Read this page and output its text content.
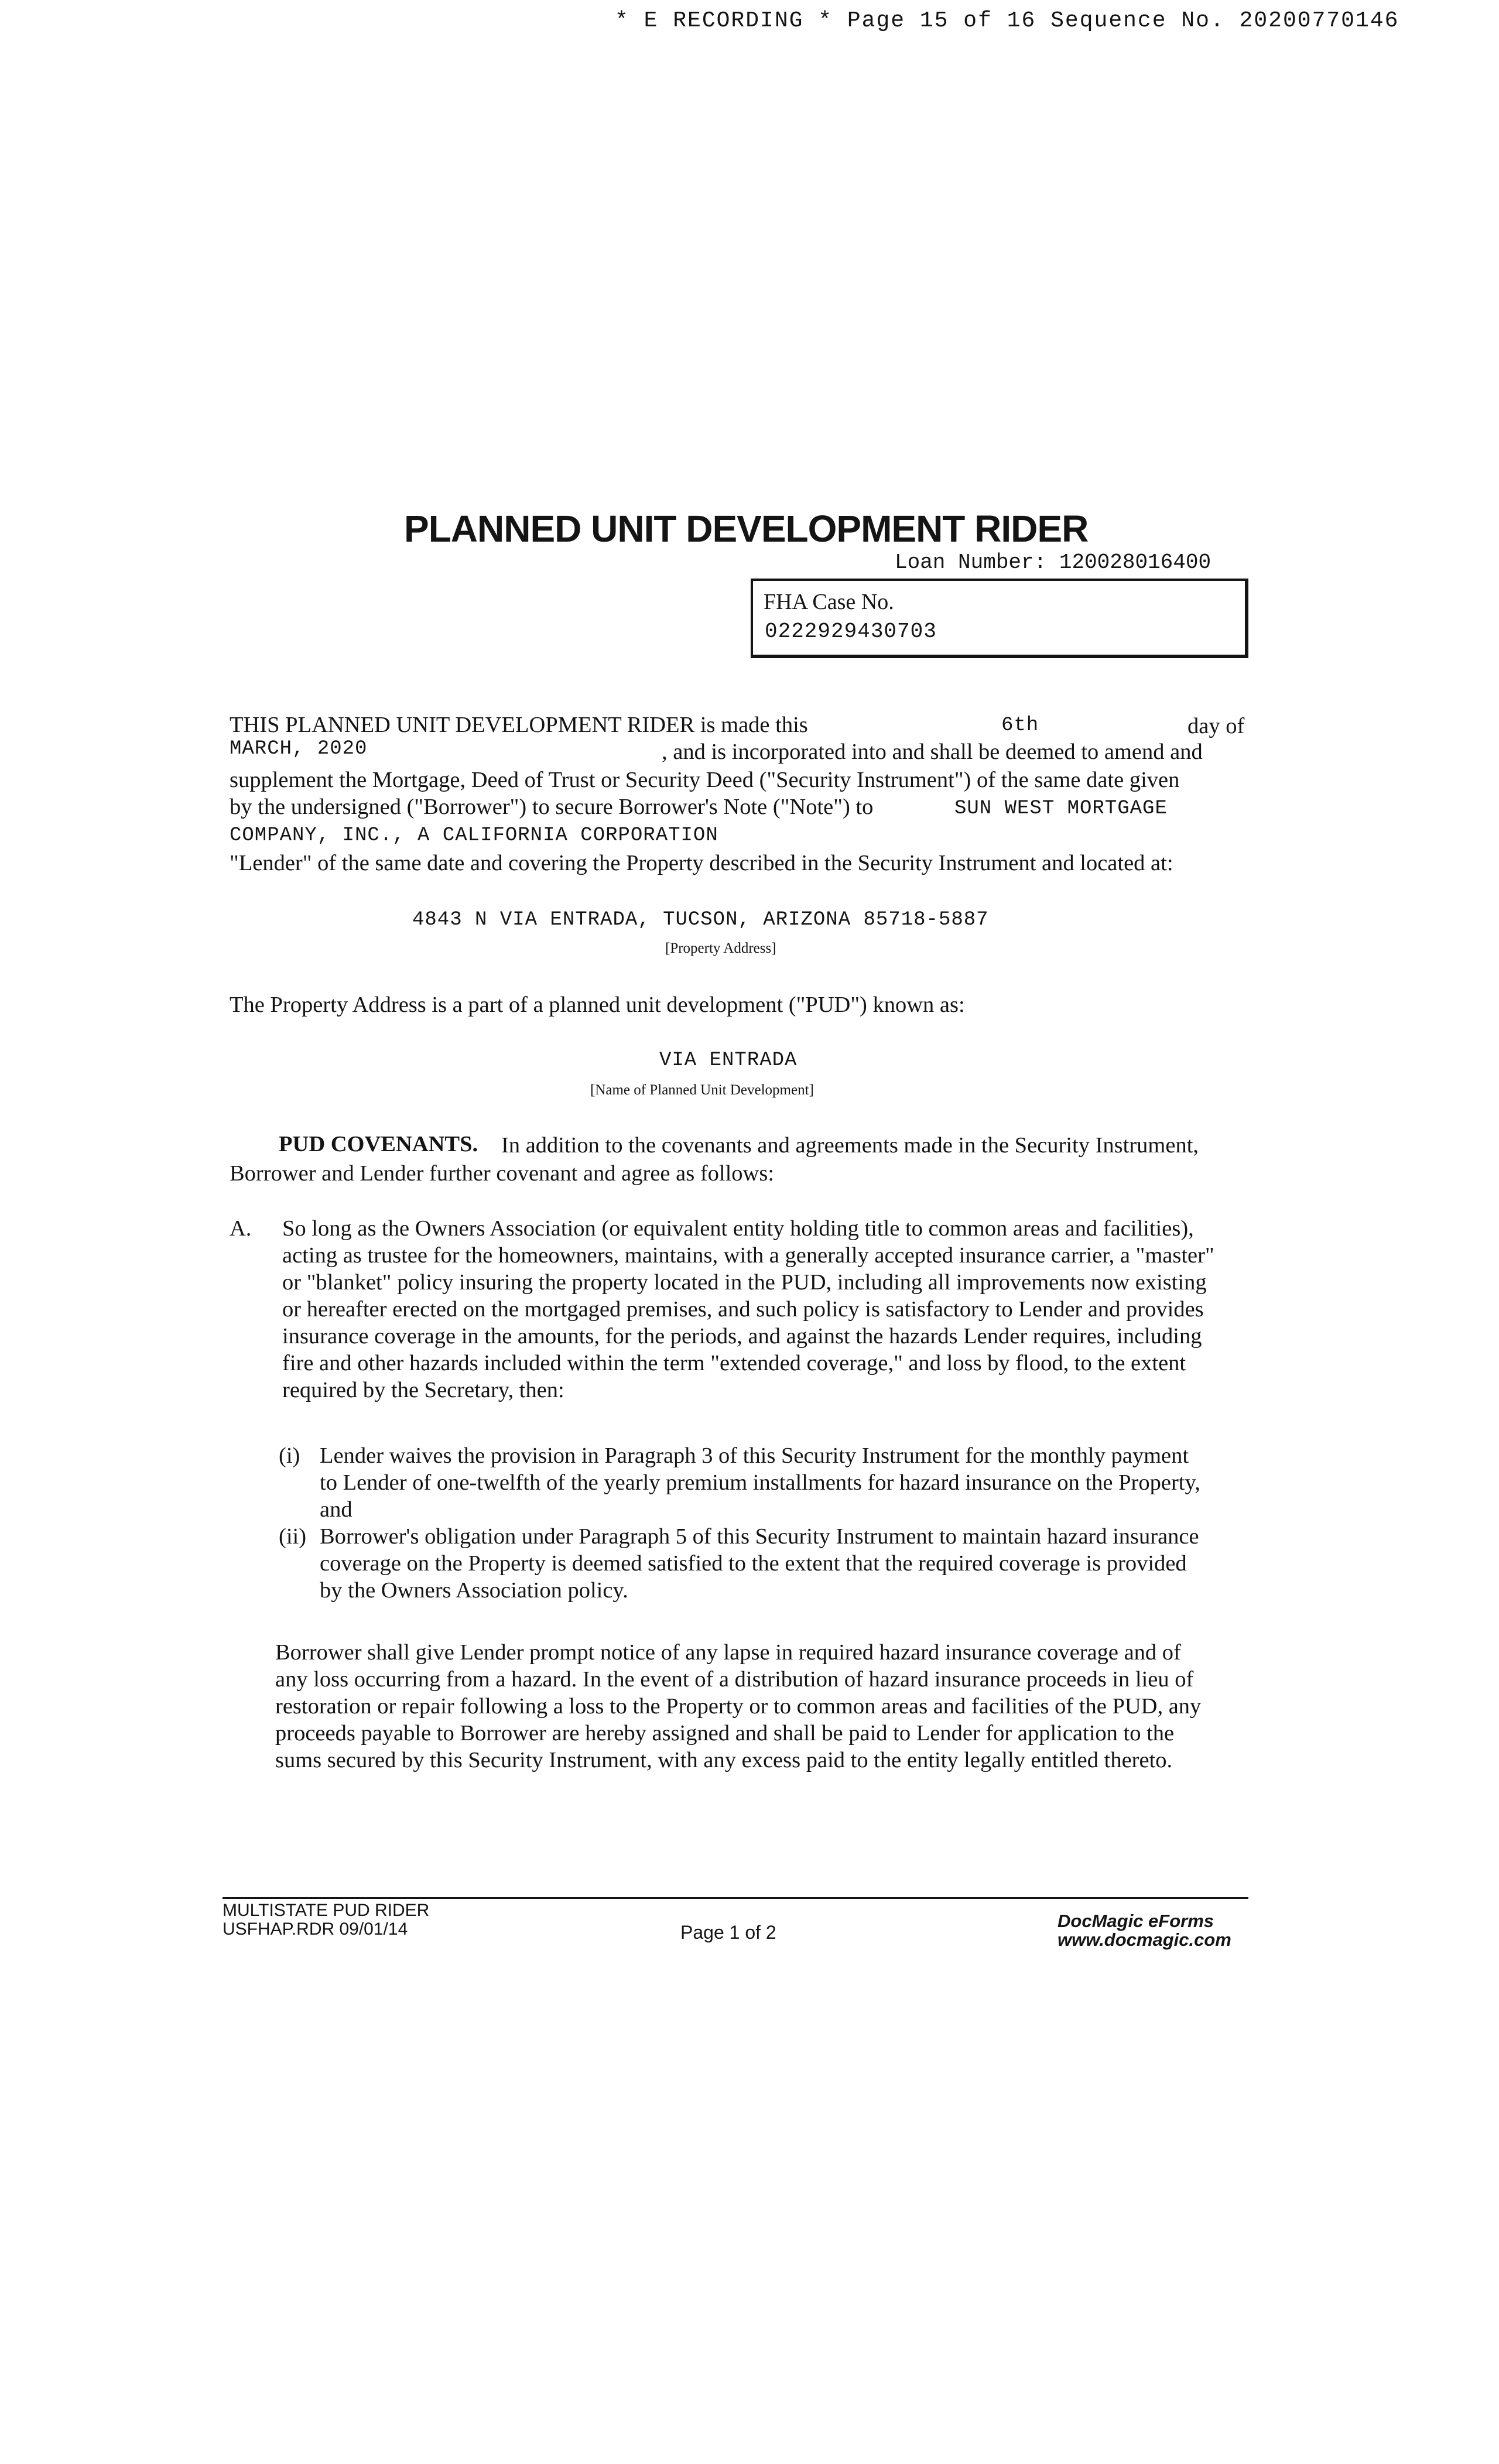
* E RECORDING * Page 15 of 16 Sequence No. 20200770146
PLANNED UNIT DEVELOPMENT RIDER
Loan Number: 120028016400
FHA Case No.
0222929430703
THIS PLANNED UNIT DEVELOPMENT RIDER is made this	6th	day of
MARCH, 2020	, and is incorporated into and shall be deemed to amend and
supplement the Mortgage, Deed of Trust or Security Deed ("Security Instrument") of the same date given
by the undersigned ("Borrower") to secure Borrower's Note ("Note") to	SUN WEST MORTGAGE
COMPANY, INC., A CALIFORNIA CORPORATION
"Lender" of the same date and covering the Property described in the Security Instrument and located at:
4843 N VIA ENTRADA, TUCSON, ARIZONA 85718-5887
[Property Address]
The Property Address is a part of a planned unit development ("PUD") known as:
VIA ENTRADA
[Name of Planned Unit Development]
PUD COVENANTS. In addition to the covenants and agreements made in the Security Instrument,
Borrower and Lender further covenant and agree as follows:
A. So long as the Owners Association (or equivalent entity holding title to common areas and facilities),
acting as trustee for the homeowners, maintains, with a generally accepted insurance carrier, a "master"
or "blanket" policy insuring the property located in the PUD, including all improvements now existing
or hereafter erected on the mortgaged premises, and such policy is satisfactory to Lender and provides
insurance coverage in the amounts, for the periods, and against the hazards Lender requires, including
fire and other hazards included within the term "extended coverage," and loss by flood, to the extent
required by the Secretary, then:
(i) Lender waives the provision in Paragraph 3 of this Security Instrument for the monthly payment
to Lender of one-twelfth of the yearly premium installments for hazard insurance on the Property,
and
(ii) Borrower's obligation under Paragraph 5 of this Security Instrument to maintain hazard insurance
coverage on the Property is deemed satisfied to the extent that the required coverage is provided
by the Owners Association policy.
Borrower shall give Lender prompt notice of any lapse in required hazard insurance coverage and of
any loss occurring from a hazard. In the event of a distribution of hazard insurance proceeds in lieu of
restoration or repair following a loss to the Property or to common areas and facilities of the PUD, any
proceeds payable to Borrower are hereby assigned and shall be paid to Lender for application to the
sums secured by this Security Instrument, with any excess paid to the entity legally entitled thereto.
MULTISTATE PUD RIDER
USFHAP.RDR 09/01/14	Page 1 of 2
DocMagic eForms
www.docmagic.com
